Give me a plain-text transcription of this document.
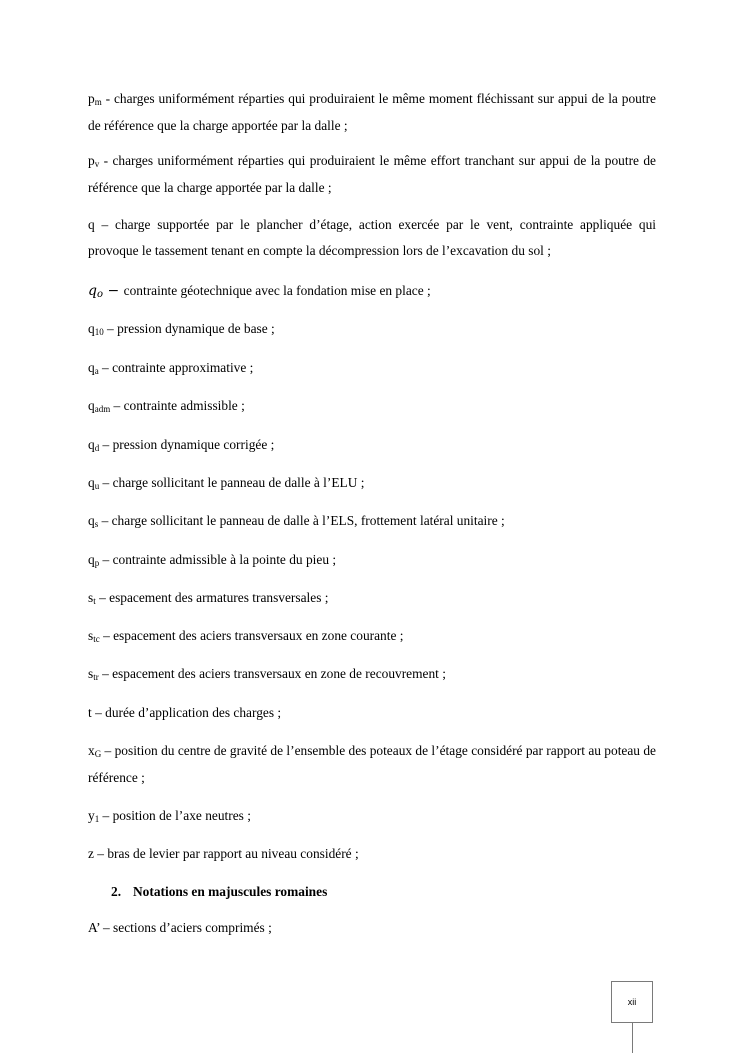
$p_m$ - charges uniformément réparties qui produiraient le même moment fléchissant sur appui de la poutre de référence que la charge apportée par la dalle ;

$p_v$ - charges uniformément réparties qui produiraient le même effort tranchant sur appui de la poutre de référence que la charge apportée par la dalle ;

q – charge supportée par le plancher d’étage, action exercée par le vent, contrainte appliquée qui provoque le tassement tenant en compte la décompression lors de l’excavation du sol ;

$q_o$ − contrainte géotechnique avec la fondation mise en place ;

$q_{10}$ – pression dynamique de base ;

$q_a$ – contrainte approximative ;

$q_{adm}$ – contrainte admissible ;

$q_d$ – pression dynamique corrigée ;

$q_u$ – charge sollicitant le panneau de dalle à l’ELU ;

$q_s$ – charge sollicitant le panneau de dalle à l’ELS, frottement latéral unitaire ;

$q_p$ – contrainte admissible à la pointe du pieu ;

$s_t$ – espacement des armatures transversales ;

$s_{tc}$ – espacement des aciers transversaux en zone courante ;

$s_{tr}$ – espacement des aciers transversaux en zone de recouvrement ;

t – durée d’application des charges ;

$x_G$ – position du centre de gravité de l’ensemble des poteaux de l’étage considéré par rapport au poteau de référence ;

$y_1$ – position de l’axe neutres ;

z – bras de levier par rapport au niveau considéré ;

2. Notations en majuscules romaines

A’ – sections d’aciers comprimés ;

xii
